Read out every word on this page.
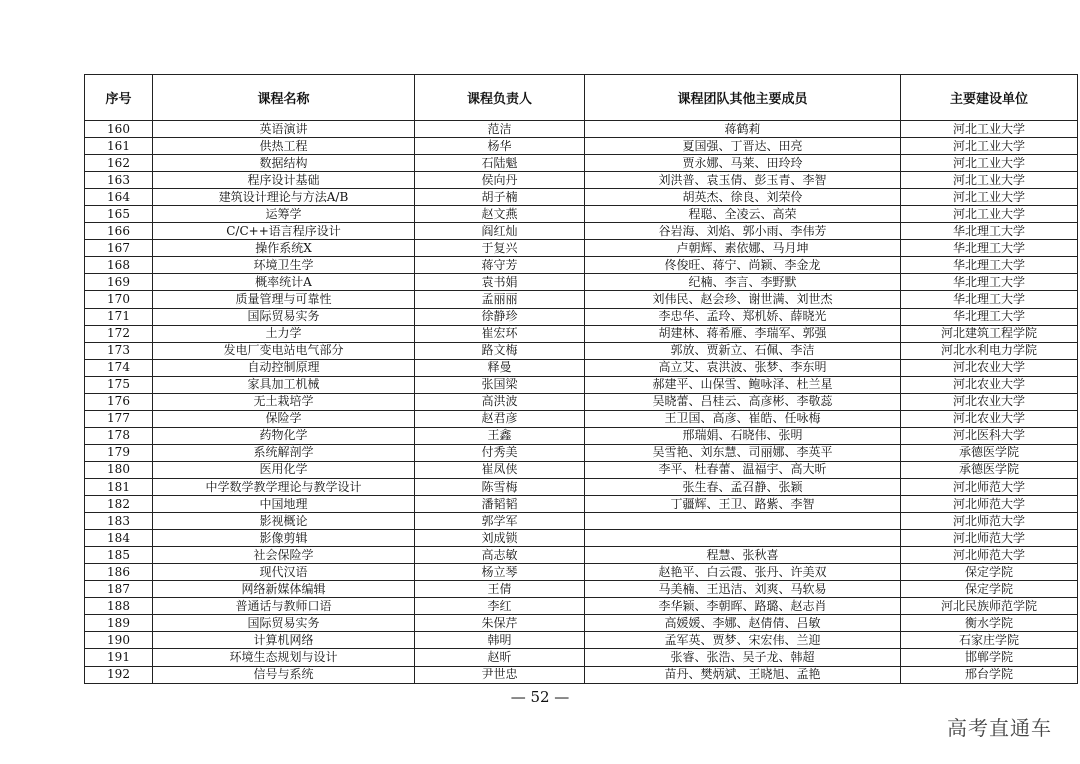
序号	课程名称	课程负责人	课程团队其他主要成员	主要建设单位
160	英语演讲	范洁	蒋鹤莉	河北工业大学
161	供热工程	杨华	夏国强、丁晋达、田亮	河北工业大学
162	数据结构	石陆魁	贾永娜、马莱、田玲玲	河北工业大学
163	程序设计基础	侯向丹	刘洪普、袁玉倩、彭玉青、李智	河北工业大学
164	建筑设计理论与方法A/B	胡子楠	胡英杰、徐良、刘荣伶	河北工业大学
165	运筹学	赵文燕	程聪、全凌云、高荣	河北工业大学
166	C/C++语言程序设计	阎红灿	谷岩海、刘焰、郭小雨、李伟芳	华北理工大学
167	操作系统X	于复兴	卢朝辉、素依娜、马月坤	华北理工大学
168	环境卫生学	蒋守芳	佟俊旺、蒋宁、尚颖、李金龙	华北理工大学
169	概率统计A	袁书娟	纪楠、李言、李野默	华北理工大学
170	质量管理与可靠性	孟丽丽	刘伟民、赵会珍、谢世满、刘世杰	华北理工大学
171	国际贸易实务	徐静珍	李忠华、孟玲、郑机娇、薛晓光	华北理工大学
172	土力学	崔宏环	胡建林、蒋希雁、李瑞军、郭强	河北建筑工程学院
173	发电厂变电站电气部分	路文梅	郭放、贾新立、石佩、李洁	河北水利电力学院
174	自动控制原理	释曼	高立艾、袁洪波、张梦、李东明	河北农业大学
175	家具加工机械	张国梁	郝建平、山保雪、鲍咏泽、杜兰星	河北农业大学
176	无土栽培学	高洪波	吴晓蕾、吕桂云、高彦彬、李敬蕊	河北农业大学
177	保险学	赵君彦	王卫国、高彦、崔皓、任咏梅	河北农业大学
178	药物化学	王鑫	邢瑞娟、石晓伟、张明	河北医科大学
179	系统解剖学	付秀美	吴雪艳、刘东慧、司丽娜、李英平	承德医学院
180	医用化学	崔凤侠	李平、杜春蕾、温福宇、高大昕	承德医学院
181	中学数学教学理论与教学设计	陈雪梅	张生春、孟召静、张颖	河北师范大学
182	中国地理	潘韬韬	丁疆辉、王卫、路紫、李智	河北师范大学
183	影视概论	郭学军		河北师范大学
184	影像剪辑	刘成锁		河北师范大学
185	社会保险学	高志敏	程慧、张秋喜	河北师范大学
186	现代汉语	杨立琴	赵艳平、白云霞、张丹、许美双	保定学院
187	网络新媒体编辑	王倩	马美楠、王迅洁、刘爽、马软易	保定学院
188	普通话与教师口语	李红	李华颖、李朝晖、路璐、赵志肖	河北民族师范学院
189	国际贸易实务	朱保芹	高媛媛、李娜、赵倩倩、吕敏	衡水学院
190	计算机网络	韩明	孟军英、贾梦、宋宏伟、兰迎	石家庄学院
191	环境生态规划与设计	赵昕	张睿、张浩、吴子龙、韩超	邯郸学院
192	信号与系统	尹世忠	苗丹、樊炳斌、王晓旭、孟艳	邢台学院
— 52 —
高考直通车
